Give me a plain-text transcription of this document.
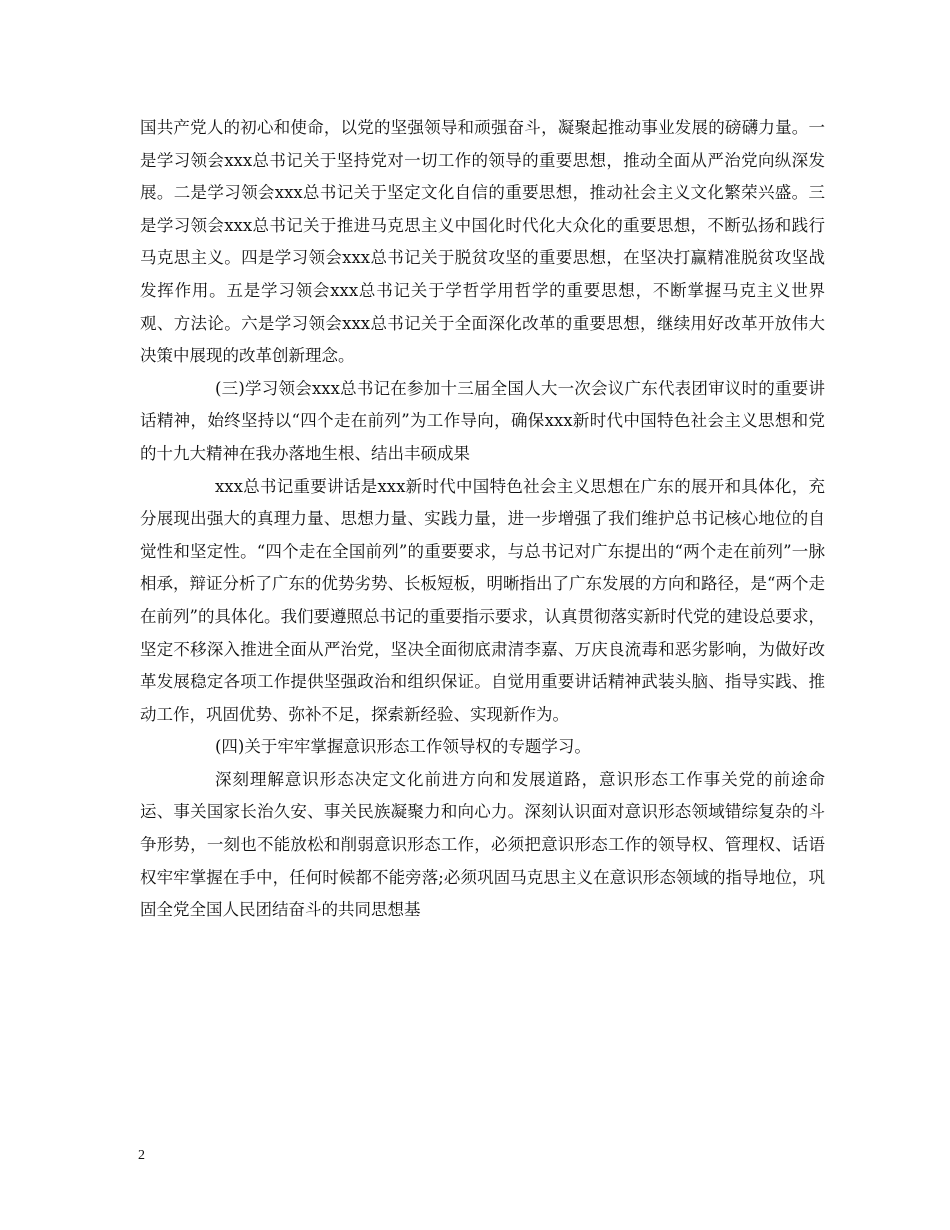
国共产党人的初心和使命，以党的坚强领导和顽强奋斗，凝聚起推动事业发展的磅礴力量。一是学习领会xxx总书记关于坚持党对一切工作的领导的重要思想，推动全面从严治党向纵深发展。二是学习领会xxx总书记关于坚定文化自信的重要思想，推动社会主义文化繁荣兴盛。三是学习领会xxx总书记关于推进马克思主义中国化时代化大众化的重要思想，不断弘扬和践行马克思主义。四是学习领会xxx总书记关于脱贫攻坚的重要思想，在坚决打赢精准脱贫攻坚战发挥作用。五是学习领会xxx总书记关于学哲学用哲学的重要思想，不断掌握马克主义世界观、方法论。六是学习领会xxx总书记关于全面深化改革的重要思想，继续用好改革开放伟大决策中展现的改革创新理念。

(三)学习领会xxx总书记在参加十三届全国人大一次会议广东代表团审议时的重要讲话精神，始终坚持以“四个走在前列”为工作导向，确保xxx新时代中国特色社会主义思想和党的十九大精神在我办落地生根、结出丰硕成果

xxx总书记重要讲话是xxx新时代中国特色社会主义思想在广东的展开和具体化，充分展现出强大的真理力量、思想力量、实践力量，进一步增强了我们维护总书记核心地位的自觉性和坚定性。“四个走在全国前列”的重要要求，与总书记对广东提出的“两个走在前列”一脉相承，辩证分析了广东的优势劣势、长板短板，明晰指出了广东发展的方向和路径，是“两个走在前列”的具体化。我们要遵照总书记的重要指示要求，认真贯彻落实新时代党的建设总要求，坚定不移深入推进全面从严治党，坚决全面彻底肃清李嘉、万庆良流毒和恶劣影响，为做好改革发展稳定各项工作提供坚强政治和组织保证。自觉用重要讲话精神武装头脑、指导实践、推动工作，巩固优势、弥补不足，探索新经验、实现新作为。

(四)关于牢牢掌握意识形态工作领导权的专题学习。

深刻理解意识形态决定文化前进方向和发展道路，意识形态工作事关党的前途命运、事关国家长治久安、事关民族凝聚力和向心力。深刻认识面对意识形态领域错综复杂的斗争形势，一刻也不能放松和削弱意识形态工作，必须把意识形态工作的领导权、管理权、话语权牢牢掌握在手中，任何时候都不能旁落;必须巩固马克思主义在意识形态领域的指导地位，巩固全党全国人民团结奋斗的共同思想基

2
